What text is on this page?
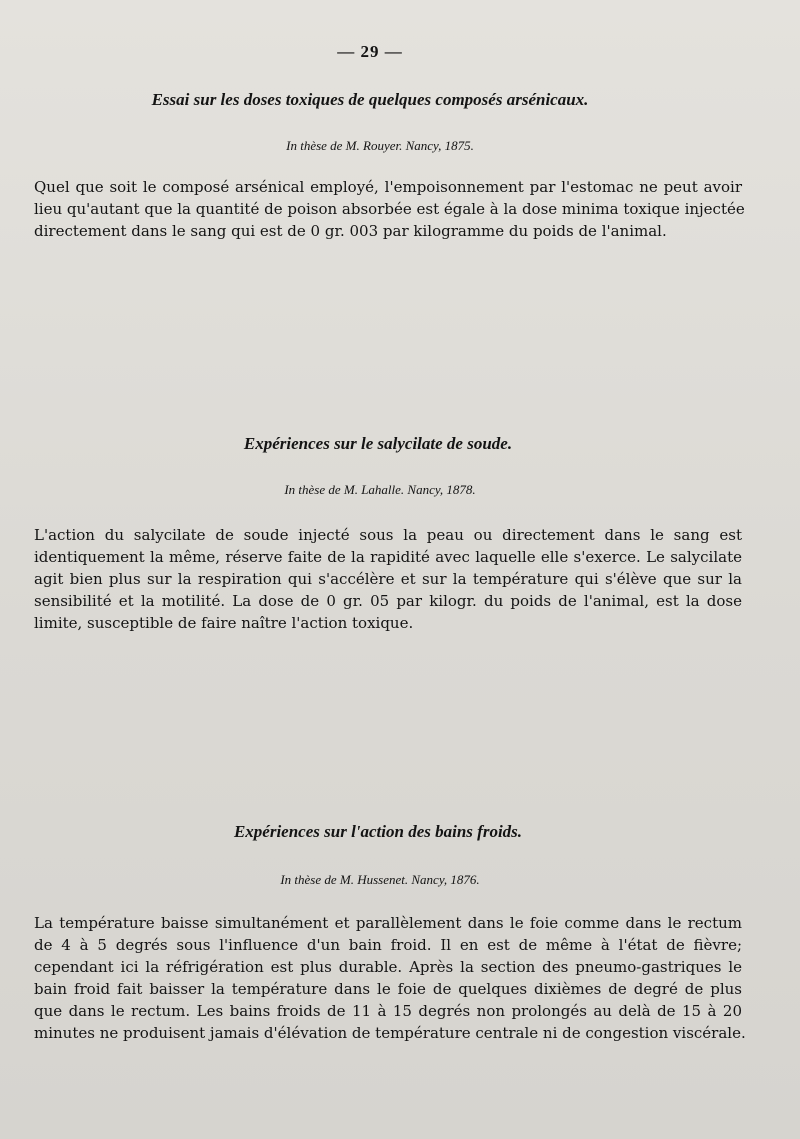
— 29 —
Essai sur les doses toxiques de quelques composés arsénicaux.
In thèse de M. Rouyer. Nancy, 1875.
Quel que soit le composé arsénical employé, l'empoisonnement par l'estomac ne peut avoir
lieu qu'autant que la quantité de poison absorbée est égale à la dose minima toxique injectée
directement dans le sang qui est de 0 gr. 003 par kilogramme du poids de l'animal.
Expériences sur le salycilate de soude.
In thèse de M. Lahalle. Nancy, 1878.
L'action du salycilate de soude injecté sous la peau ou directement dans le sang est
identiquement la même, réserve faite de la rapidité avec laquelle elle s'exerce. Le salycilate
agit bien plus sur la respiration qui s'accélère et sur la température qui s'élève que sur la
sensibilité et la motilité. La dose de 0 gr. 05 par kilogr. du poids de l'animal, est la dose
limite, susceptible de faire naître l'action toxique.
Expériences sur l'action des bains froids.
In thèse de M. Hussenet. Nancy, 1876.
La température baisse simultanément et parallèlement dans le foie comme dans le rectum
de 4 à 5 degrés sous l'influence d'un bain froid. Il en est de même à l'état de fièvre;
cependant ici la réfrigération est plus durable. Après la section des pneumo-gastriques le
bain froid fait baisser la température dans le foie de quelques dixièmes de degré de plus
que dans le rectum. Les bains froids de 11 à 15 degrés non prolongés au delà de 15 à 20
minutes ne produisent jamais d'élévation de température centrale ni de congestion viscérale.
